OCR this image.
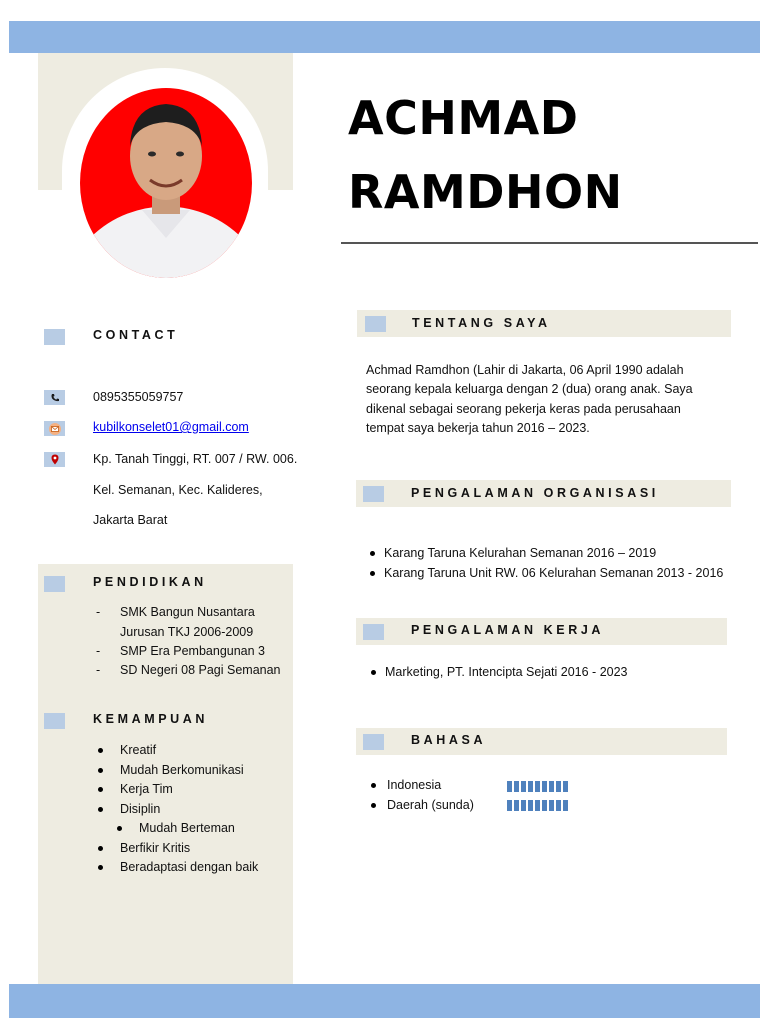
ACHMAD
RAMDHON
CONTACT
0895355059757
kubilkonselet01@gmail.com
Kp. Tanah Tinggi, RT. 007 / RW. 006.
Kel. Semanan, Kec. Kalideres,
Jakarta Barat
PENDIDIKAN
- SMK Bangun Nusantara
Jurusan TKJ 2006-2009
- SMP Era Pembangunan 3
- SD Negeri 08 Pagi Semanan
KEMAMPUAN
Kreatif
Mudah Berkomunikasi
Kerja Tim
Disiplin
Mudah Berteman
Berfikir Kritis
Beradaptasi dengan baik
TENTANG SAYA
Achmad Ramdhon (Lahir di Jakarta, 06 April 1990 adalah
seorang kepala keluarga dengan 2 (dua) orang anak. Saya
dikenal sebagai seorang pekerja keras pada perusahaan
tempat saya bekerja tahun 2016 – 2023.
PENGALAMAN ORGANISASI
Karang Taruna Kelurahan Semanan 2016 – 2019
Karang Taruna Unit RW. 06 Kelurahan Semanan 2013 - 2016
PENGALAMAN KERJA
Marketing, PT. Intencipta Sejati 2016 - 2023
BAHASA
Indonesia
Daerah (sunda)
